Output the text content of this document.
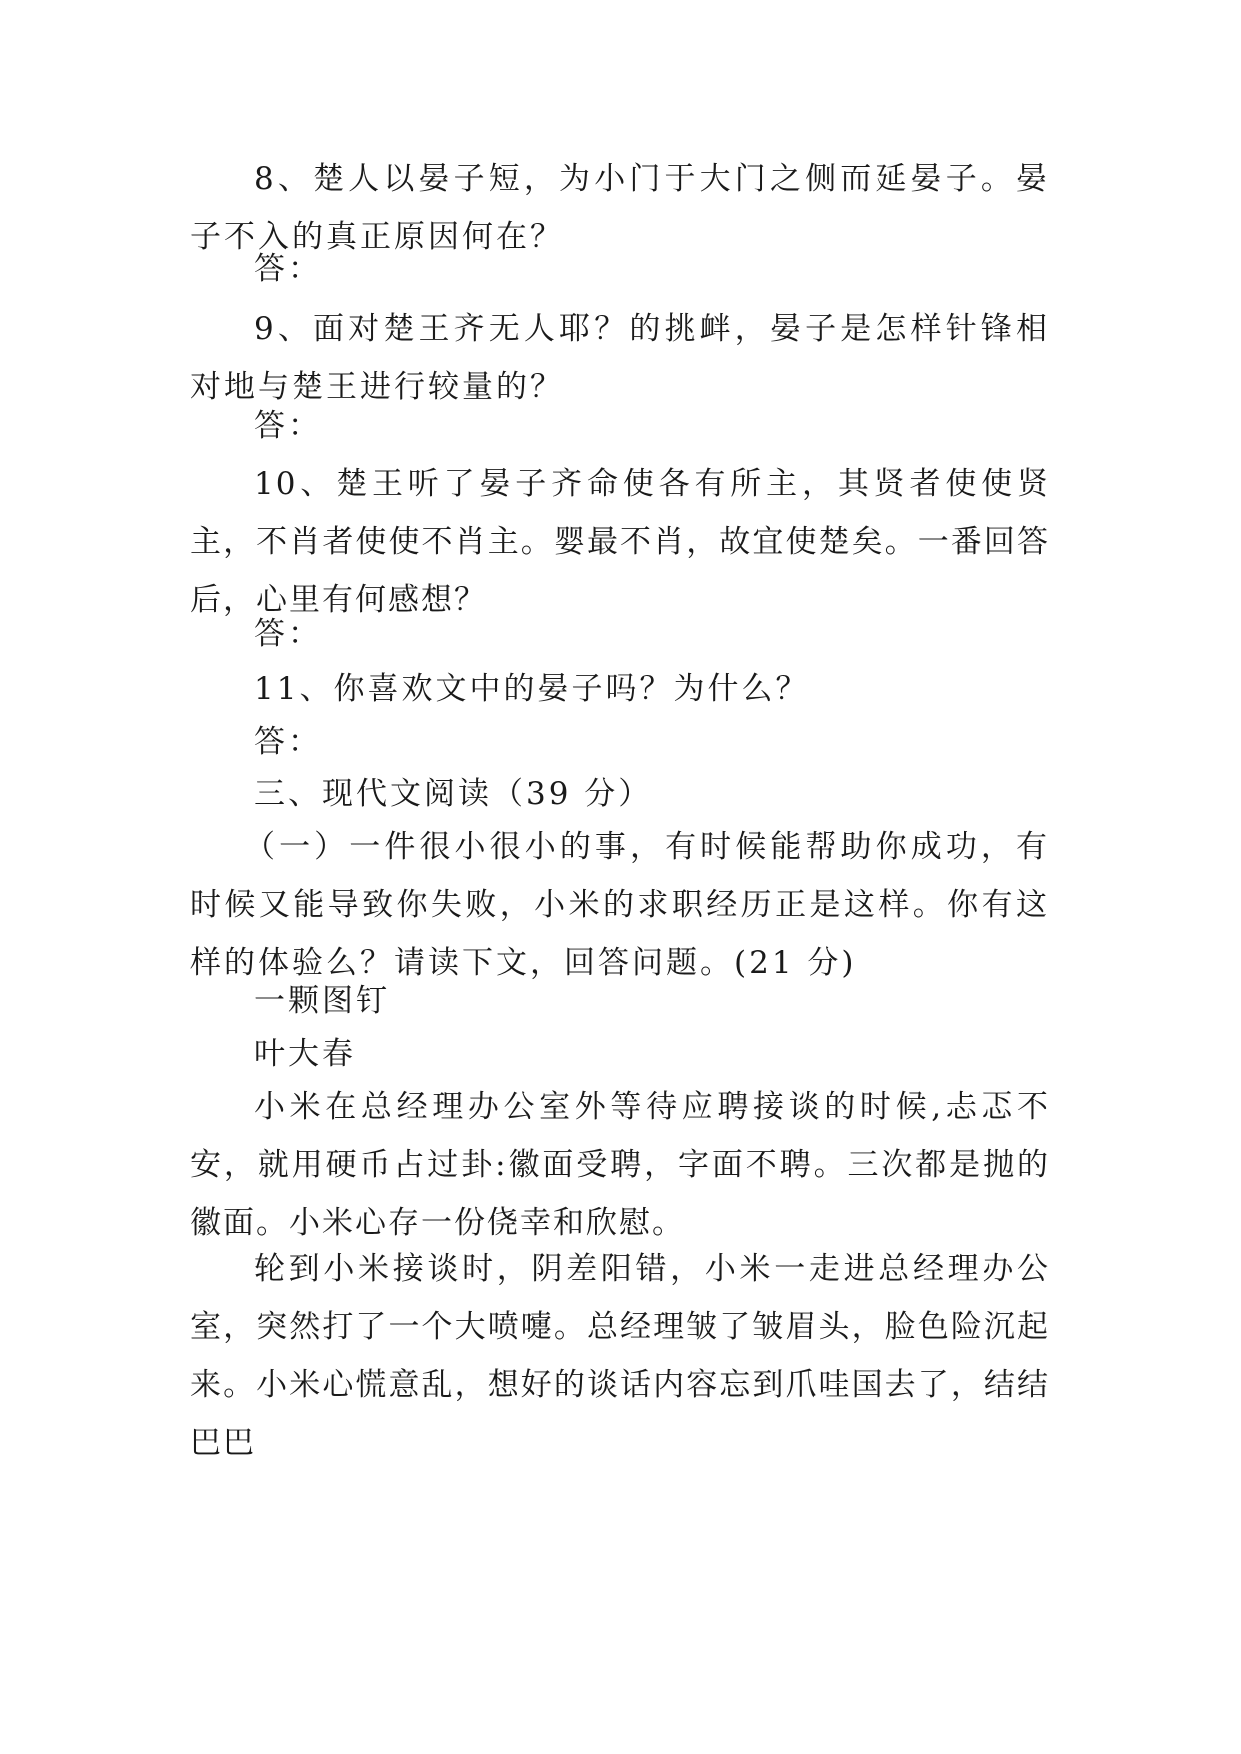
8、楚人以晏子短，为小门于大门之侧而延晏子。晏子不入的真正原因何在？

答：

9、面对楚王齐无人耶？的挑衅，晏子是怎样针锋相对地与楚王进行较量的？

答：

10、楚王听了晏子齐命使各有所主，其贤者使使贤主，不肖者使使不肖主。婴最不肖，故宜使楚矣。一番回答后，心里有何感想？

答：

11、你喜欢文中的晏子吗？为什么？

答：

三、现代文阅读（39 分）

（一）一件很小很小的事，有时候能帮助你成功，有时候又能导致你失败，小米的求职经历正是这样。你有这样的体验么？请读下文，回答问题。(21 分)

一颗图钉

叶大春

小米在总经理办公室外等待应聘接谈的时候,忐忑不安，就用硬币占过卦:徽面受聘，字面不聘。三次都是抛的徽面。小米心存一份侥幸和欣慰。

轮到小米接谈时，阴差阳错，小米一走进总经理办公室，突然打了一个大喷嚏。总经理皱了皱眉头，脸色险沉起来。小米心慌意乱，想好的谈话内容忘到爪哇国去了，结结巴巴
